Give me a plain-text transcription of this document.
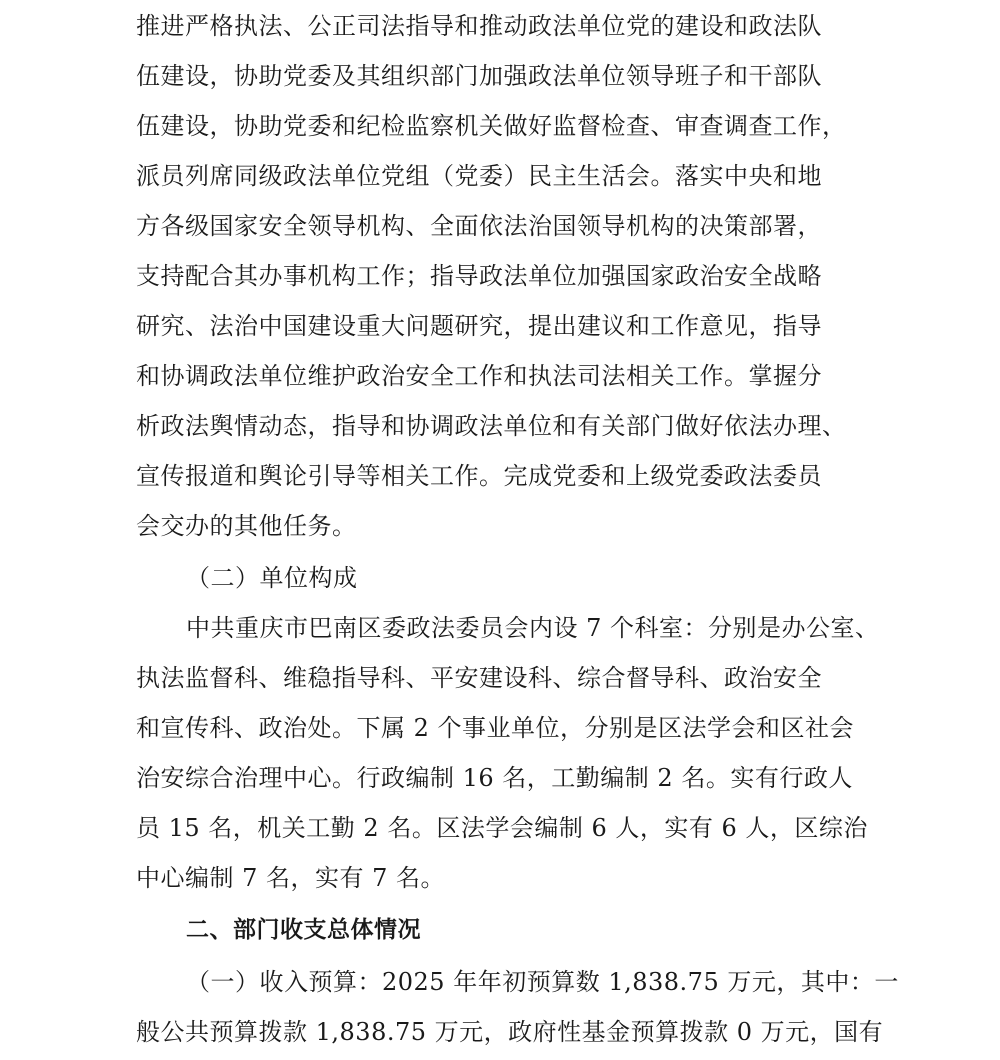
推进严格执法、公正司法指导和推动政法单位党的建设和政法队
伍建设，协助党委及其组织部门加强政法单位领导班子和干部队
伍建设，协助党委和纪检监察机关做好监督检查、审查调查工作，
派员列席同级政法单位党组（党委）民主生活会。落实中央和地
方各级国家安全领导机构、全面依法治国领导机构的决策部署，
支持配合其办事机构工作；指导政法单位加强国家政治安全战略
研究、法治中国建设重大问题研究，提出建议和工作意见，指导
和协调政法单位维护政治安全工作和执法司法相关工作。掌握分
析政法舆情动态，指导和协调政法单位和有关部门做好依法办理、
宣传报道和舆论引导等相关工作。完成党委和上级党委政法委员
会交办的其他任务。
（二）单位构成
中共重庆市巴南区委政法委员会内设 7 个科室：分别是办公室、
执法监督科、维稳指导科、平安建设科、综合督导科、政治安全
和宣传科、政治处。下属 2 个事业单位，分别是区法学会和区社会
治安综合治理中心。行政编制 16 名，工勤编制 2 名。实有行政人
员 15 名，机关工勤 2 名。区法学会编制 6 人，实有 6 人，区综治
中心编制 7 名，实有 7 名。
二、部门收支总体情况
（一）收入预算：2025 年年初预算数 1,838.75 万元，其中：一
般公共预算拨款 1,838.75 万元，政府性基金预算拨款 0 万元，国有
